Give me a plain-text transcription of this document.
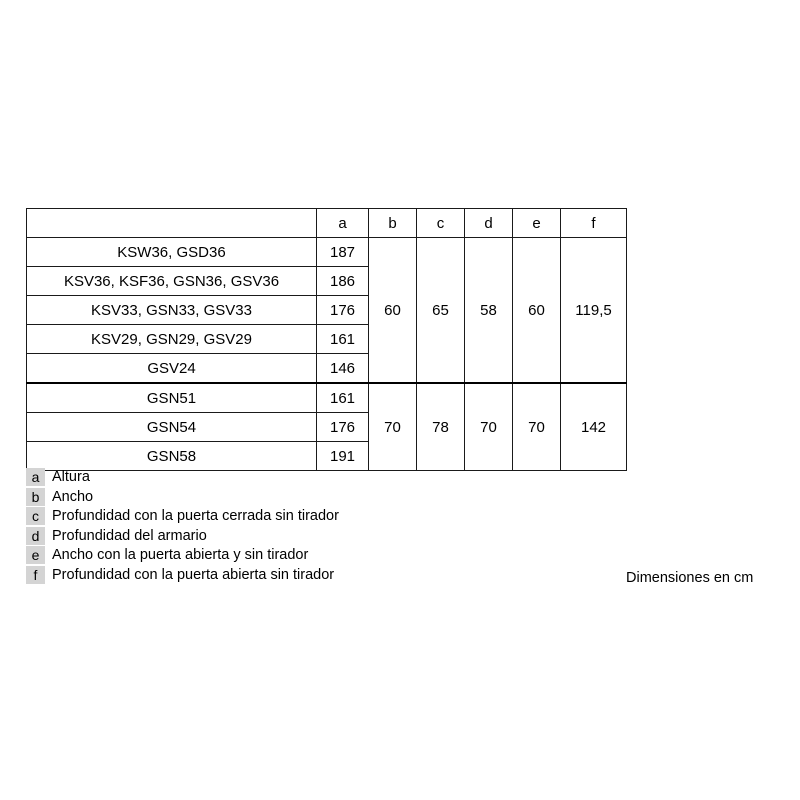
	a	b	c	d	e	f
KSW36, GSD36	187	60	65	58	60	119,5
KSV36, KSF36, GSN36, GSV36	186					
KSV33, GSN33, GSV33	176					
KSV29, GSN29, GSV29	161					
GSV24	146					
GSN51	161	70	78	70	70	142
GSN54	176					
GSN58	191					
a Altura
b Ancho
c Profundidad con la puerta cerrada sin tirador
d Profundidad del armario
e Ancho con la puerta abierta y sin tirador
f	Profundidad con la puerta abierta sin tirador	Dimensiones en cm
